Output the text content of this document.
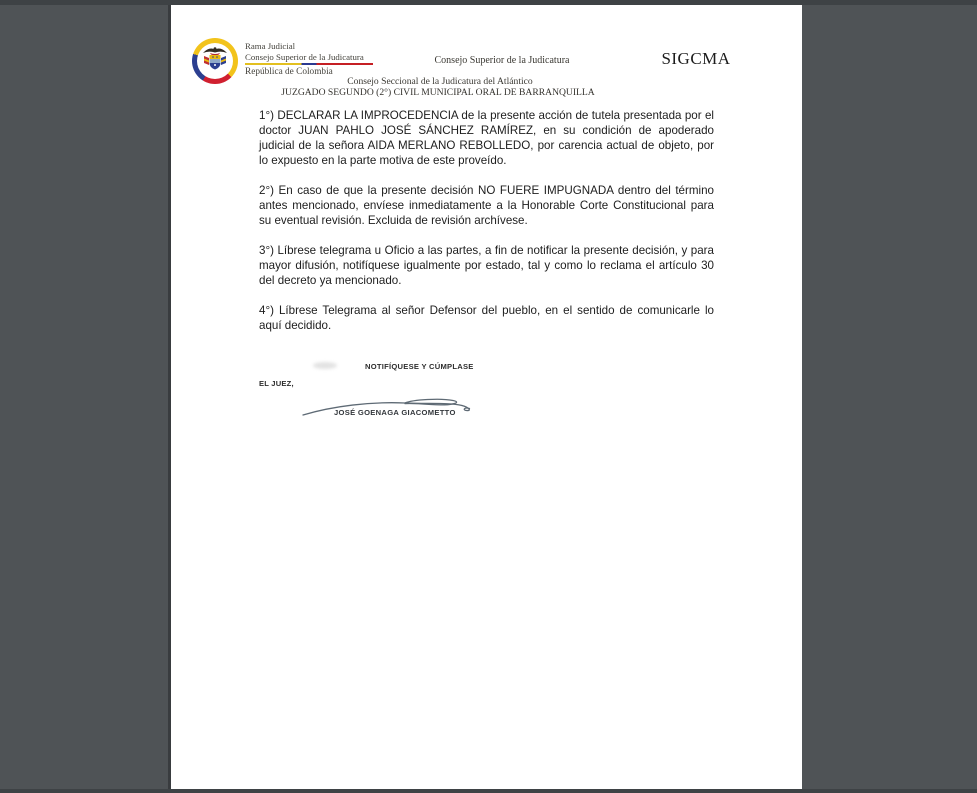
Rama Judicial
Consejo Superior de la Judicatura
República de Colombia
Consejo Superior de la Judicatura	SIGCMA
Consejo Seccional de la Judicatura del Atlántico
JUZGADO SEGUNDO (2°) CIVIL MUNICIPAL ORAL DE BARRANQUILLA

1°) DECLARAR LA IMPROCEDENCIA de la presente acción de tutela presentada por el doctor JUAN PAHLO JOSÉ SÁNCHEZ RAMÍREZ, en su condición de apoderado judicial de la señora AIDA MERLANO REBOLLEDO, por carencia actual de objeto, por lo expuesto en la parte motiva de este proveído.

2°) En caso de que la presente decisión NO FUERE IMPUGNADA dentro del término antes mencionado, envíese inmediatamente a la Honorable Corte Constitucional para su eventual revisión. Excluida de revisión archívese.

3°) Líbrese telegrama u Oficio a las partes, a fin de notificar la presente decisión, y para mayor difusión, notifíquese igualmente por estado, tal y como lo reclama el artículo 30 del decreto ya mencionado.

4°) Líbrese Telegrama al señor Defensor del pueblo, en el sentido de comunicarle lo aquí decidido.

NOTIFÍQUESE Y CÚMPLASE
EL JUEZ,
JOSÉ GOENAGA GIACOMETTO
